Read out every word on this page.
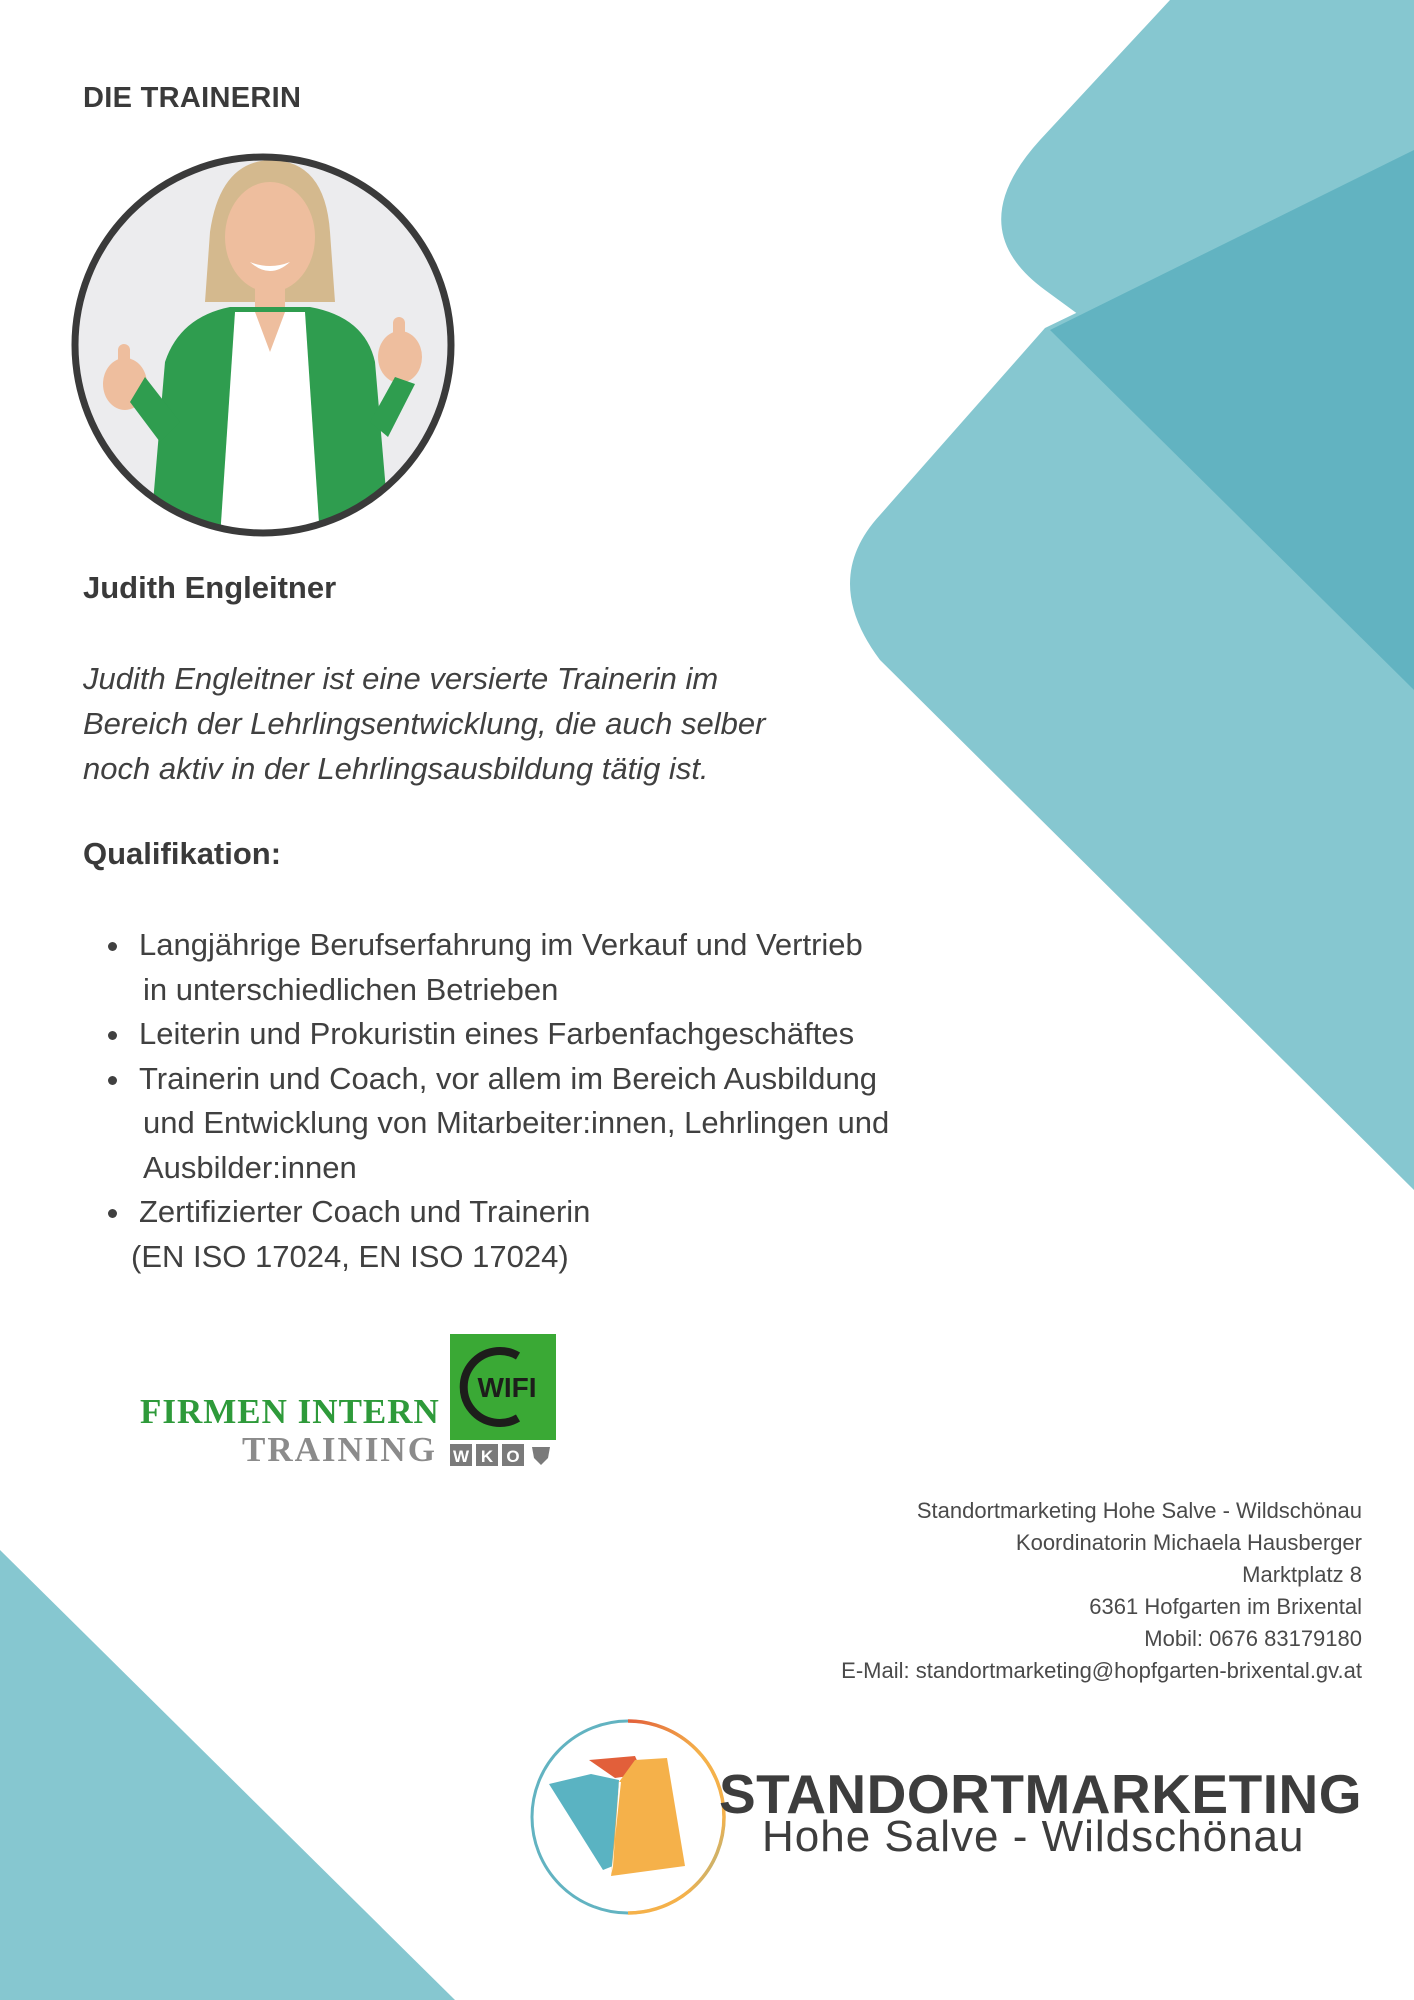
DIE TRAINERIN
Judith Engleitner

Judith Engleitner ist eine versierte Trainerin im
Bereich der Lehrlingsentwicklung, die auch selber
noch aktiv in der Lehrlingsausbildung tätig ist.

Qualifikation:
Langjährige Berufserfahrung im Verkauf und Vertrieb
in unterschiedlichen Betrieben
Leiterin und Prokuristin eines Farbenfachgeschäftes
Trainerin und Coach, vor allem im Bereich Ausbildung
und Entwicklung von Mitarbeiter:innen, Lehrlingen und
Ausbilder:innen
Zertifizierter Coach und Trainerin
(EN ISO 17024, EN ISO 17024)

FIRMEN INTERN

TRAINING

WIFI
W K O
Standortmarketing Hohe Salve - Wildschönau
Koordinatorin Michaela Hausberger
Marktplatz 8
6361 Hofgarten im Brixental
Mobil: 0676 83179180
E-Mail: standortmarketing@hopfgarten-brixental.gv.at

STANDORTMARKETING

Hohe Salve - Wildschönau
